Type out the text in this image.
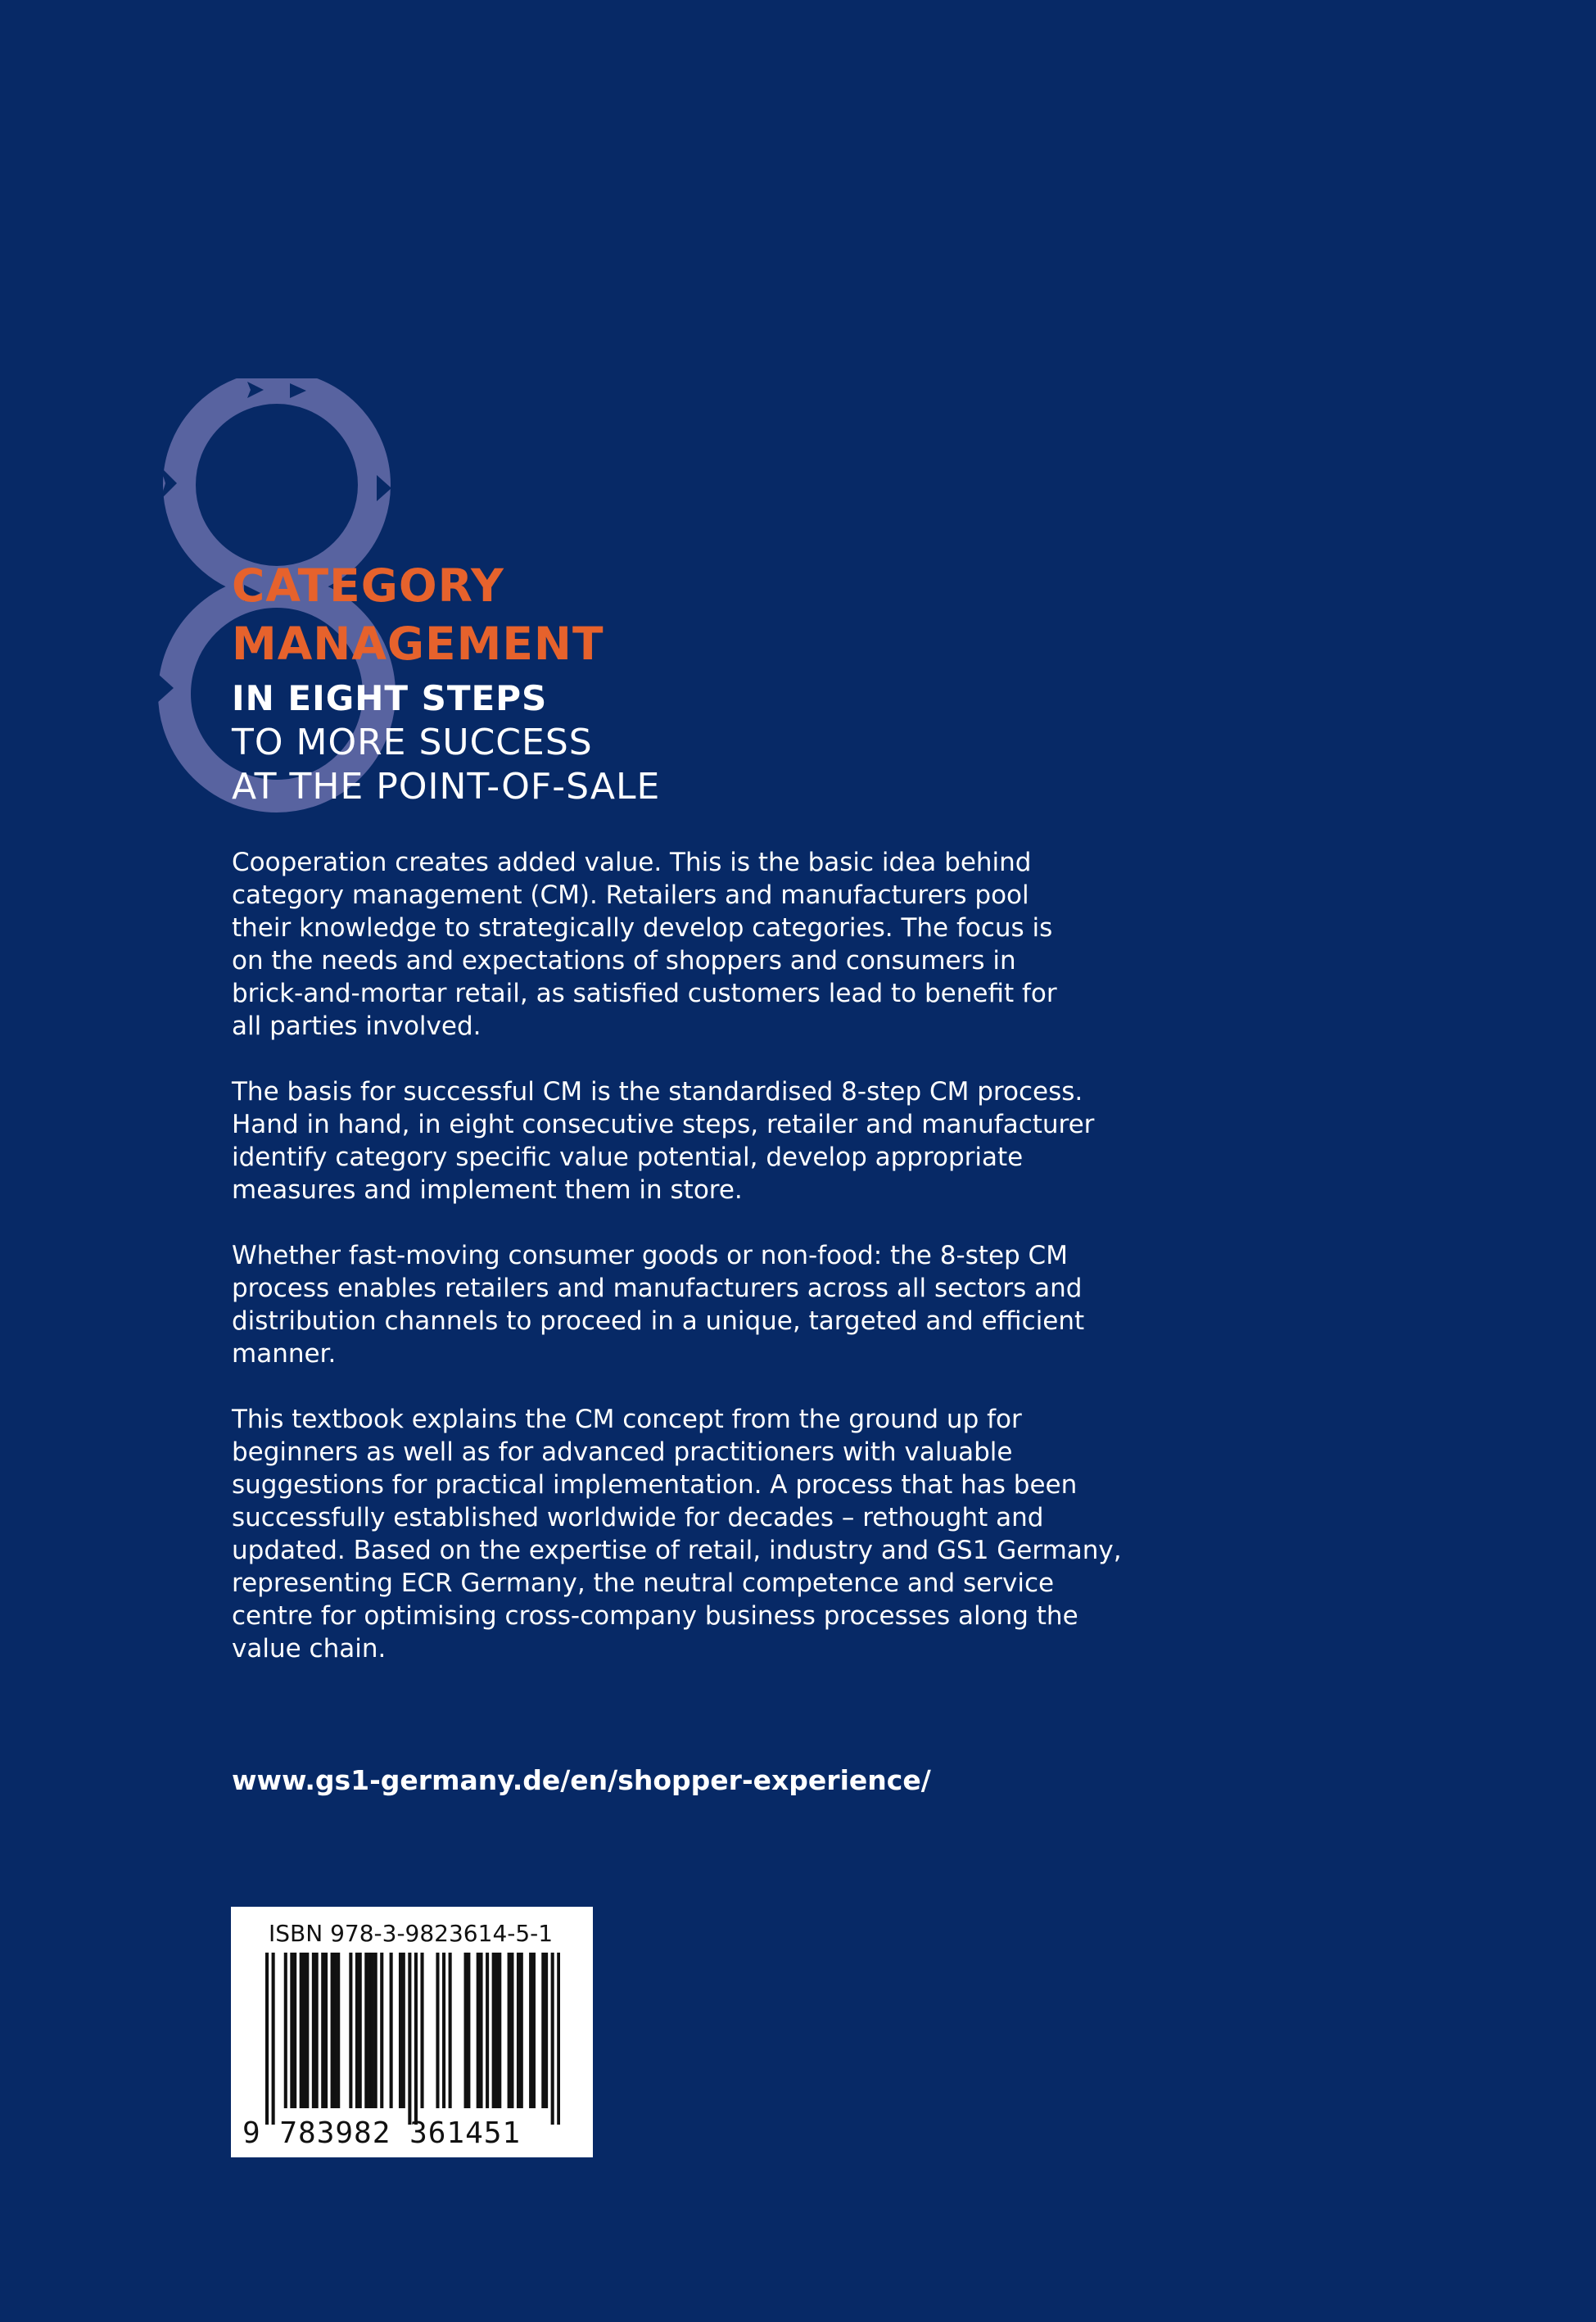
CATEGORY
MANAGEMENT
IN EIGHT STEPS
TO MORE SUCCESS
AT THE POINT-OF-SALE

Cooperation creates added value. This is the basic idea behind
category management (CM). Retailers and manufacturers pool
their knowledge to strategically develop categories. The focus is
on the needs and expectations of shoppers and consumers in
brick-and-mortar retail, as satisfied customers lead to benefit for
all parties involved.

The basis for successful CM is the standardised 8-step CM process.
Hand in hand, in eight consecutive steps, retailer and manufacturer
identify category specific value potential, develop appropriate
measures and implement them in store.

Whether fast-moving consumer goods or non-food: the 8-step CM
process enables retailers and manufacturers across all sectors and
distribution channels to proceed in a unique, targeted and efficient
manner.

This textbook explains the CM concept from the ground up for
beginners as well as for advanced practitioners with valuable
suggestions for practical implementation. A process that has been
successfully established worldwide for decades – rethought and
updated. Based on the expertise of retail, industry and GS1 Germany,
representing ECR Germany, the neutral competence and service
centre for optimising cross-company business processes along the
value chain.

www.gs1-germany.de/en/shopper-experience/
ISBN 978-3-9823614-5-1
9 783982 361451
